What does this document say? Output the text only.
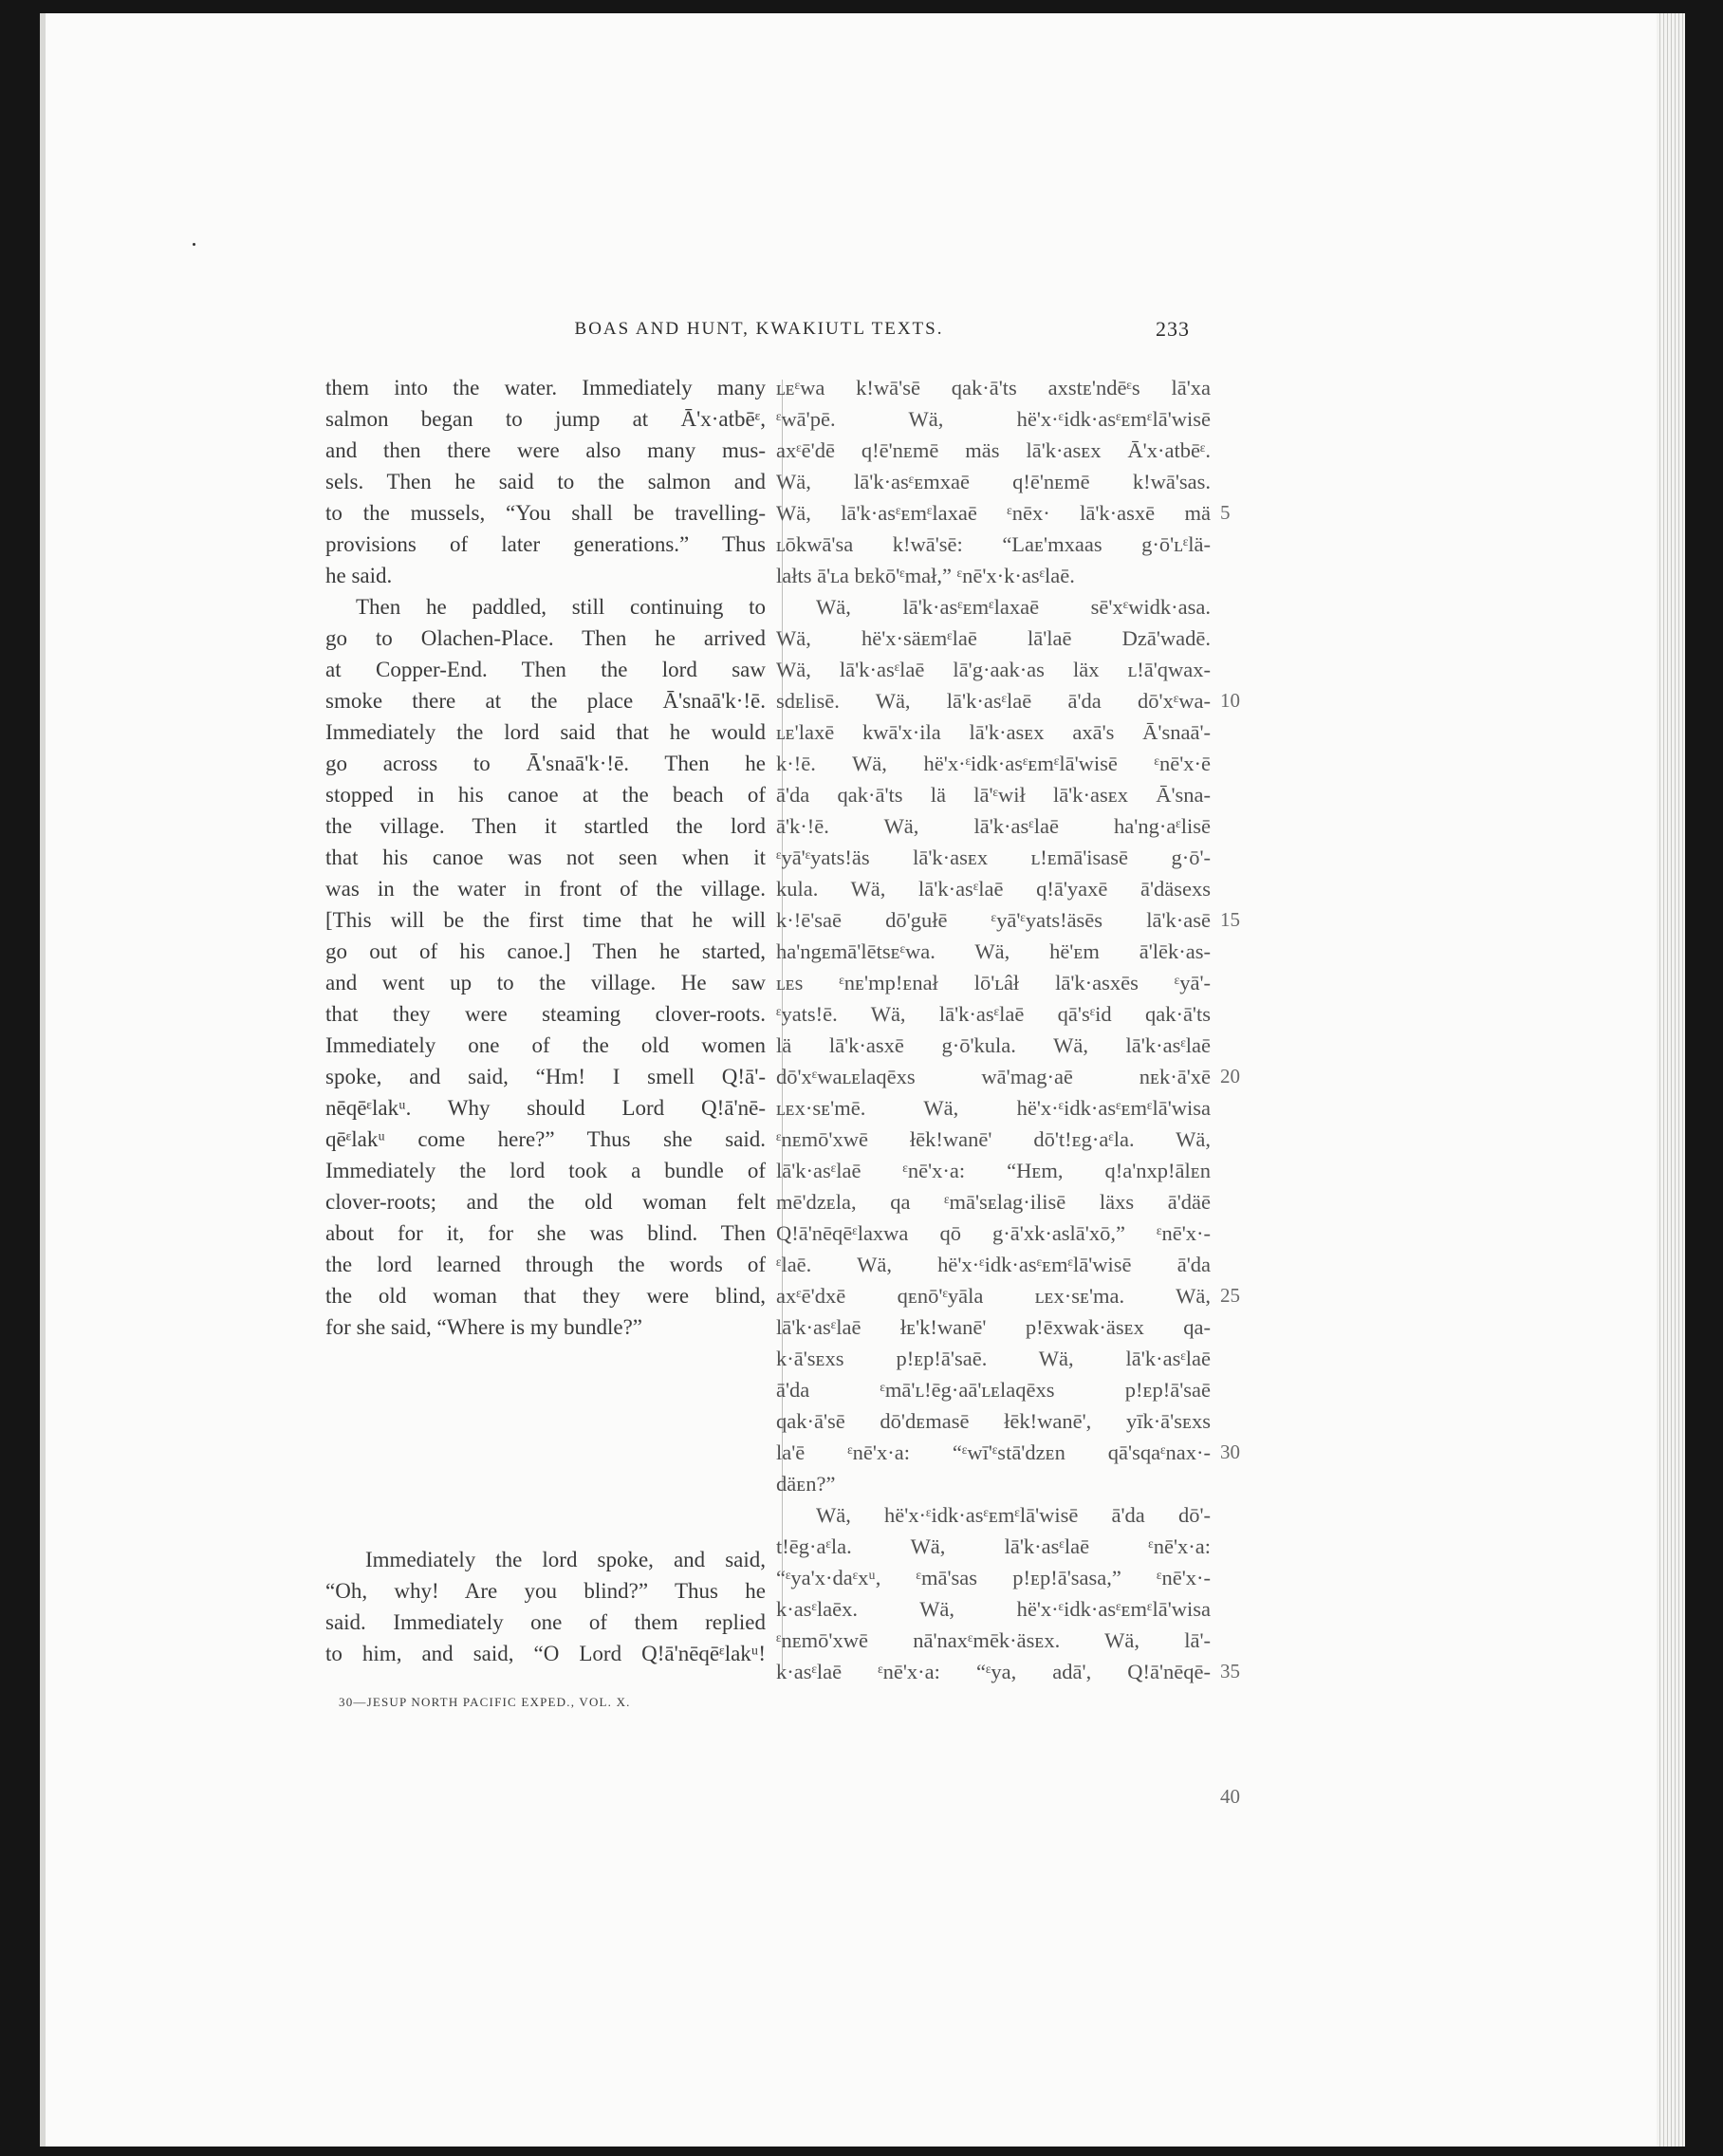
BOAS AND HUNT, KWAKIUTL TEXTS.	233
them into the water. Immediately many
salmon began to jump at Ā'x·atbēᵋ,
and then there were also many mus-
sels. Then he said to the salmon and
to the mussels, “You shall be travelling-
provisions of later generations.” Thus
he said.
Then he paddled, still continuing to
go to Olachen-Place. Then he arrived
at Copper-End. Then the lord saw
smoke there at the place Ā'snaā'k·!ē.
Immediately the lord said that he would
go across to Ā'snaā'k·!ē. Then he
stopped in his canoe at the beach of
the village. Then it startled the lord
that his canoe was not seen when it
was in the water in front of the village.
[This will be the first time that he will
go out of his canoe.] Then he started,
and went up to the village. He saw
that they were steaming clover-roots.
Immediately one of the old women
spoke, and said, “Hm! I smell Q!ā'-
nēqēᵋlakᵘ. Why should Lord Q!ā'nē-
qēᵋlakᵘ come here?” Thus she said.
Immediately the lord took a bundle of
clover-roots; and the old woman felt
about for it, for she was blind. Then
the lord learned through the words of
the old woman that they were blind,
for she said, “Where is my bundle?”
Immediately the lord spoke, and said,
“Oh, why! Are you blind?” Thus he
said. Immediately one of them replied
to him, and said, “O Lord Q!ā'nēqēᵋlakᵘ!
ʟᴇᵋwa k!wā'sē qak·ā'ts axstᴇ'ndēᵋs lā'xa
ᵋwā'pē. Wä, hë'x·ᵋidk·asᵋᴇmᵋlā'wisē
axᵋē'dē q!ē'nᴇmē mäs lā'k·asᴇx Ā'x·atbēᵋ.
Wä, lā'k·asᵋᴇmxaē q!ē'nᴇmē k!wā'sas.
Wä, lā'k·asᵋᴇmᵋlaxaē ᵋnēx· lā'k·asxē mä
ʟōkwā'sa k!wā'sē: “Laᴇ'mxaas g·ō'ʟᵋlä-
lałts ā'ʟa bᴇkō'ᵋmał,” ᵋnē'x·k·asᵋlaē.
Wä, lā'k·asᵋᴇmᵋlaxaē sē'xᵋwidk·asa.
Wä, hë'x·säᴇmᵋlaē lā'laē Dzā'wadē.
Wä, lā'k·asᵋlaē lā'g·aak·as läx ʟ!ā'qwax-
sdᴇlisē. Wä, lā'k·asᵋlaē ā'da dō'xᵋwa-
ʟᴇ'laxē kwā'x·ila lā'k·asᴇx axā's Ā'snaā'-
k·!ē. Wä, hë'x·ᵋidk·asᵋᴇmᵋlā'wisē ᵋnē'x·ē
ā'da qak·ā'ts lä lā'ᵋwił lā'k·asᴇx Ā'sna-
ā'k·!ē. Wä, lā'k·asᵋlaē ha'ng·aᵋlisē
ᵋyā'ᵋyats!äs lā'k·asᴇx ʟ!ᴇmā'isasē g·ō'-
kula. Wä, lā'k·asᵋlaē q!ā'yaxē ā'däsexs
k·!ē'saē dō'gułē ᵋyā'ᵋyats!äsēs lā'k·asē
ha'ngᴇmā'lētsᴇᵋwa. Wä, hë'ᴇm ā'lēk·as-
ʟᴇs ᵋnᴇ'mp!ᴇnał lō'ʟâł lā'k·asxēs ᵋyā'-
ᵋyats!ē. Wä, lā'k·asᵋlaē qā'sᵋid qak·ā'ts
lä lā'k·asxē g·ō'kula. Wä, lā'k·asᵋlaē
dō'xᵋwaʟᴇlaqēxs wā'mag·aē nᴇk·ā'xē
ʟᴇx·sᴇ'mē. Wä, hë'x·ᵋidk·asᵋᴇmᵋlā'wisa
ᵋnᴇmō'xwē łēk!wanē' dō't!ᴇg·aᵋla. Wä,
lā'k·asᵋlaē ᵋnē'x·a: “Hᴇm, q!a'nxp!ālᴇn
mē'dzᴇla, qa ᵋmā'sᴇlag·ilisē läxs ā'däē
Q!ā'nēqēᵋlaxwa qō g·ā'xk·aslā'xō,” ᵋnē'x·-
ᵋlaē. Wä, hë'x·ᵋidk·asᵋᴇmᵋlā'wisē ā'da
axᵋē'dxē qᴇnō'ᵋyāla ʟᴇx·sᴇ'ma. Wä,
lā'k·asᵋlaē łᴇ'k!wanē' p!ēxwak·äsᴇx qa-
k·ā'sᴇxs p!ᴇp!ā'saē. Wä, lā'k·asᵋlaē
ā'da ᵋmā'ʟ!ēg·aā'ʟᴇlaqēxs p!ᴇp!ā'saē
qak·ā'sē dō'dᴇmasē łēk!wanē', yīk·ā'sᴇxs
la'ē ᵋnē'x·a: “ᵋwī'ᵋstā'dzᴇn qā'sqaᵋnax·-
däᴇn?”
Wä, hë'x·ᵋidk·asᵋᴇmᵋlā'wisē ā'da dō'-
t!ēg·aᵋla. Wä, lā'k·asᵋlaē ᵋnē'x·a:
“ᵋya'x·daᵋxᵘ, ᵋmā'sas p!ᴇp!ā'sasa,” ᵋnē'x·-
k·asᵋlaēx. Wä, hë'x·ᵋidk·asᵋᴇmᵋlā'wisa
ᵋnᴇmō'xwē nā'naxᵋmēk·äsᴇx. Wä, lā'-
k·asᵋlaē ᵋnē'x·a: “ᵋya, adā', Q!ā'nēqē-
5
10
15
20
25
30
35
40
30—JESUP NORTH PACIFIC EXPED., VOL. X.
